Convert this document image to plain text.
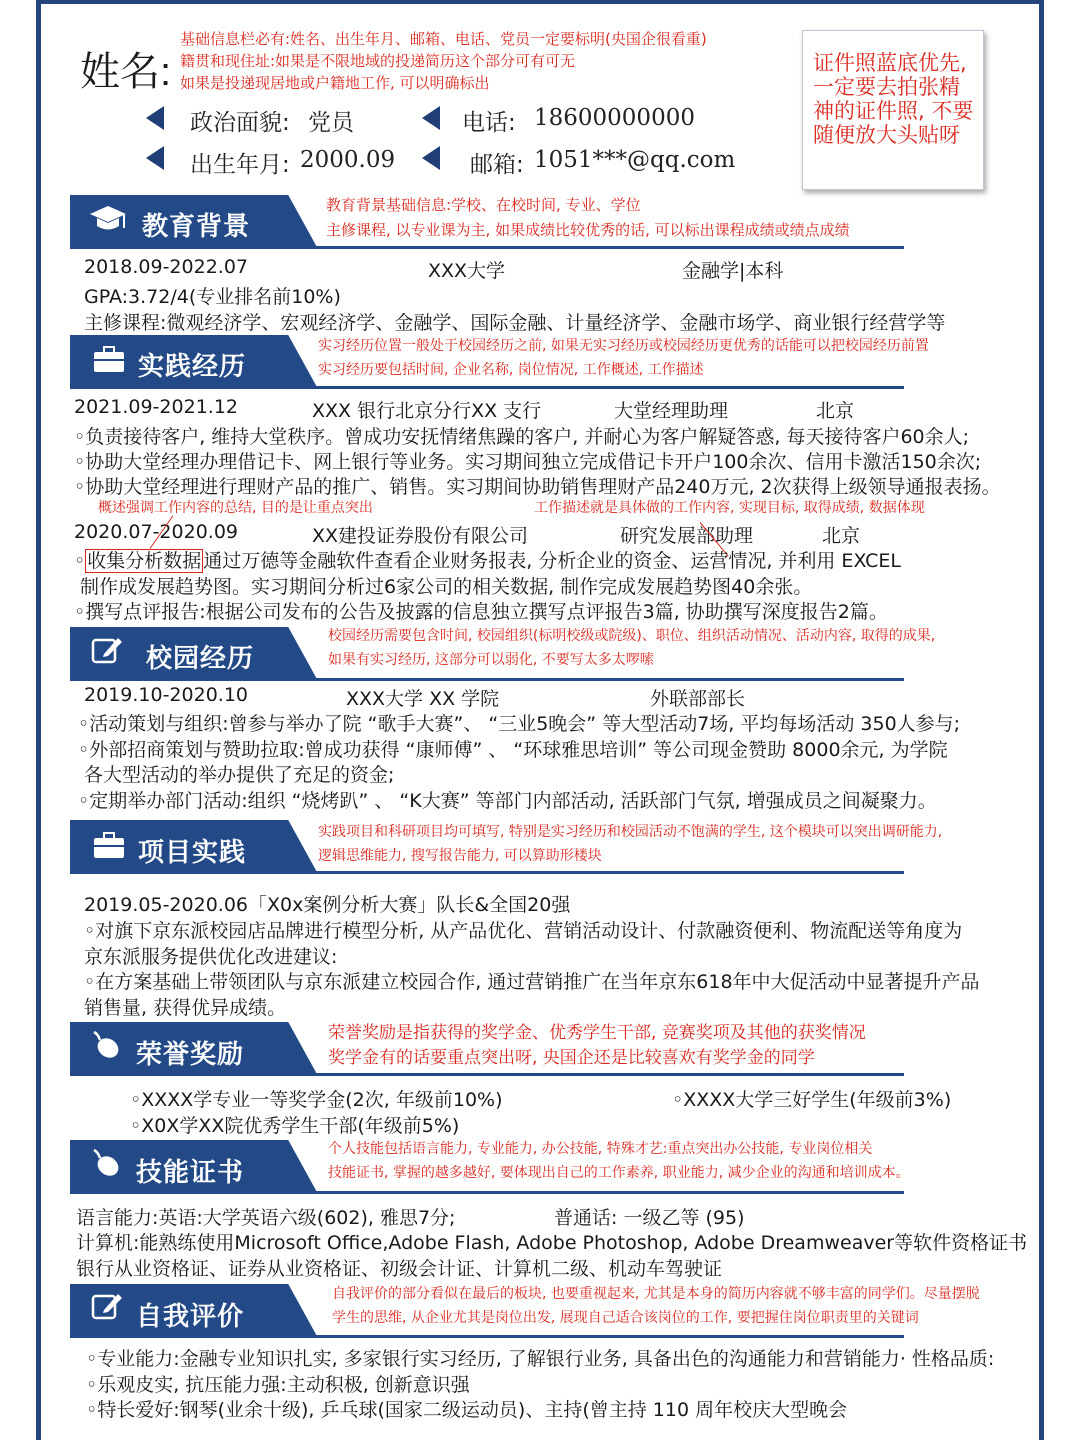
姓名:
基础信息栏必有:姓名、出生年月、邮箱、电话、党员一定要标明(央国企很看重)
籍贯和现住址:如果是不限地域的投递简历这个部分可有可无
如果是投递现居地或户籍地工作, 可以明确标出
政治面貌: 党员	电话: 18600000000
出生年月: 2000.09	邮箱: 1051***@qq.com
证件照蓝底优先, 一定要去拍张精神的证件照, 不要随便放大头贴呀
教育背景
教育背景基础信息:学校、在校时间, 专业、学位
主修课程, 以专业课为主, 如果成绩比较优秀的话, 可以标出课程成绩或绩点成绩
2018.09-2022.07	XXX大学	金融学|本科
GPA:3.72/4(专业排名前10%)
主修课程:微观经济学、宏观经济学、金融学、国际金融、计量经济学、金融市场学、商业银行经营学等
实践经历
实习经历位置一般处于校园经历之前, 如果无实习经历或校园经历更优秀的话能可以把校园经历前置
实习经历要包括时间, 企业名称, 岗位情况, 工作概述, 工作描述
2021.09-2021.12	XXX 银行北京分行XX 支行	大堂经理助理	北京
◦负责接待客户, 维持大堂秩序。曾成功安抚情绪焦躁的客户, 并耐心为客户解疑答惑, 每天接待客户60余人;
◦协助大堂经理办理借记卡、网上银行等业务。实习期间独立完成借记卡开户100余次、信用卡激活150余次;
◦协助大堂经理进行理财产品的推广、销售。实习期间协助销售理财产品240万元, 2次获得上级领导通报表扬。
概述强调工作内容的总结, 目的是让重点突出	工作描述就是具体做的工作内容, 实现目标, 取得成绩, 数据体现
2020.07-2020.09	XX建投证券股份有限公司	研究发展部助理	北京
◦ 收集分析数据 通过万德等金融软件查看企业财务报表, 分析企业的资金、运营情况, 并利用 EXCEL
制作成发展趋势图。实习期间分析过6家公司的相关数据, 制作完成发展趋势图40余张。
◦撰写点评报告:根据公司发布的公告及披露的信息独立撰写点评报告3篇, 协助撰写深度报告2篇。
校园经历
校园经历需要包含时间, 校园组织(标明校级或院级)、职位、组织活动情况、活动内容, 取得的成果,
如果有实习经历, 这部分可以弱化, 不要写太多太啰嗦
2019.10-2020.10	XXX大学 XX 学院	外联部部长
◦活动策划与组织:曾参与举办了院 “歌手大赛”、 “三业5晚会” 等大型活动7场, 平均每场活动 350人参与;
◦外部招商策划与赞助拉取:曾成功获得 “康师傅” 、 “环球雅思培训” 等公司现金赞助 8000余元, 为学院
各大型活动的举办提供了充足的资金;
◦定期举办部门活动:组织 “烧烤趴” 、 “K大赛” 等部门内部活动, 活跃部门气氛, 增强成员之间凝聚力。
项目实践
实践项目和科研项目均可填写, 特别是实习经历和校园活动不饱满的学生, 这个模块可以突出调研能力,
逻辑思维能力, 搜写报告能力, 可以算助形楼块
2019.05-2020.06「X0x案例分析大赛」队长&全国20强
◦对旗下京东派校园店品牌进行模型分析, 从产品优化、营销活动设计、付款融资便利、物流配送等角度为
京东派服务提供优化改进建议:
◦在方案基础上带领团队与京东派建立校园合作, 通过营销推广在当年京东618年中大促活动中显著提升产品
销售量, 获得优异成绩。
荣誉奖励
荣誉奖励是指获得的奖学金、优秀学生干部, 竞赛奖项及其他的获奖情况
奖学金有的话要重点突出呀, 央国企还是比较喜欢有奖学金的同学
◦XXXX学专业一等奖学金(2次, 年级前10%)	◦XXXX大学三好学生(年级前3%)
◦X0X学XX院优秀学生干部(年级前5%)
技能证书
个人技能包括语言能力, 专业能力, 办公技能, 特殊才艺:重点突出办公技能, 专业岗位相关
技能证书, 掌握的越多越好, 要体现出自己的工作素养, 职业能力, 减少企业的沟通和培训成本。
语言能力:英语:大学英语六级(602), 雅思7分;	普通话: 一级乙等 (95)
计算机:能熟练使用Microsoft Office,Adobe Flash, Adobe Photoshop, Adobe Dreamweaver等软件资格证书
银行从业资格证、证券从业资格证、初级会计证、计算机二级、机动车驾驶证
自我评价
自我评价的部分看似在最后的板块, 也要重视起来, 尤其是本身的简历内容就不够丰富的同学们。尽量摆脱
学生的思维, 从企业尤其是岗位出发, 展现自己适合该岗位的工作, 要把握住岗位职责里的关键词
◦专业能力:金融专业知识扎实, 多家银行实习经历, 了解银行业务, 具备出色的沟通能力和营销能力· 性格品质:
◦乐观皮实, 抗压能力强:主动积极, 创新意识强
◦特长爱好:钢琴(业余十级), 乒乓球(国家二级运动员)、主持(曾主持 110 周年校庆大型晚会
